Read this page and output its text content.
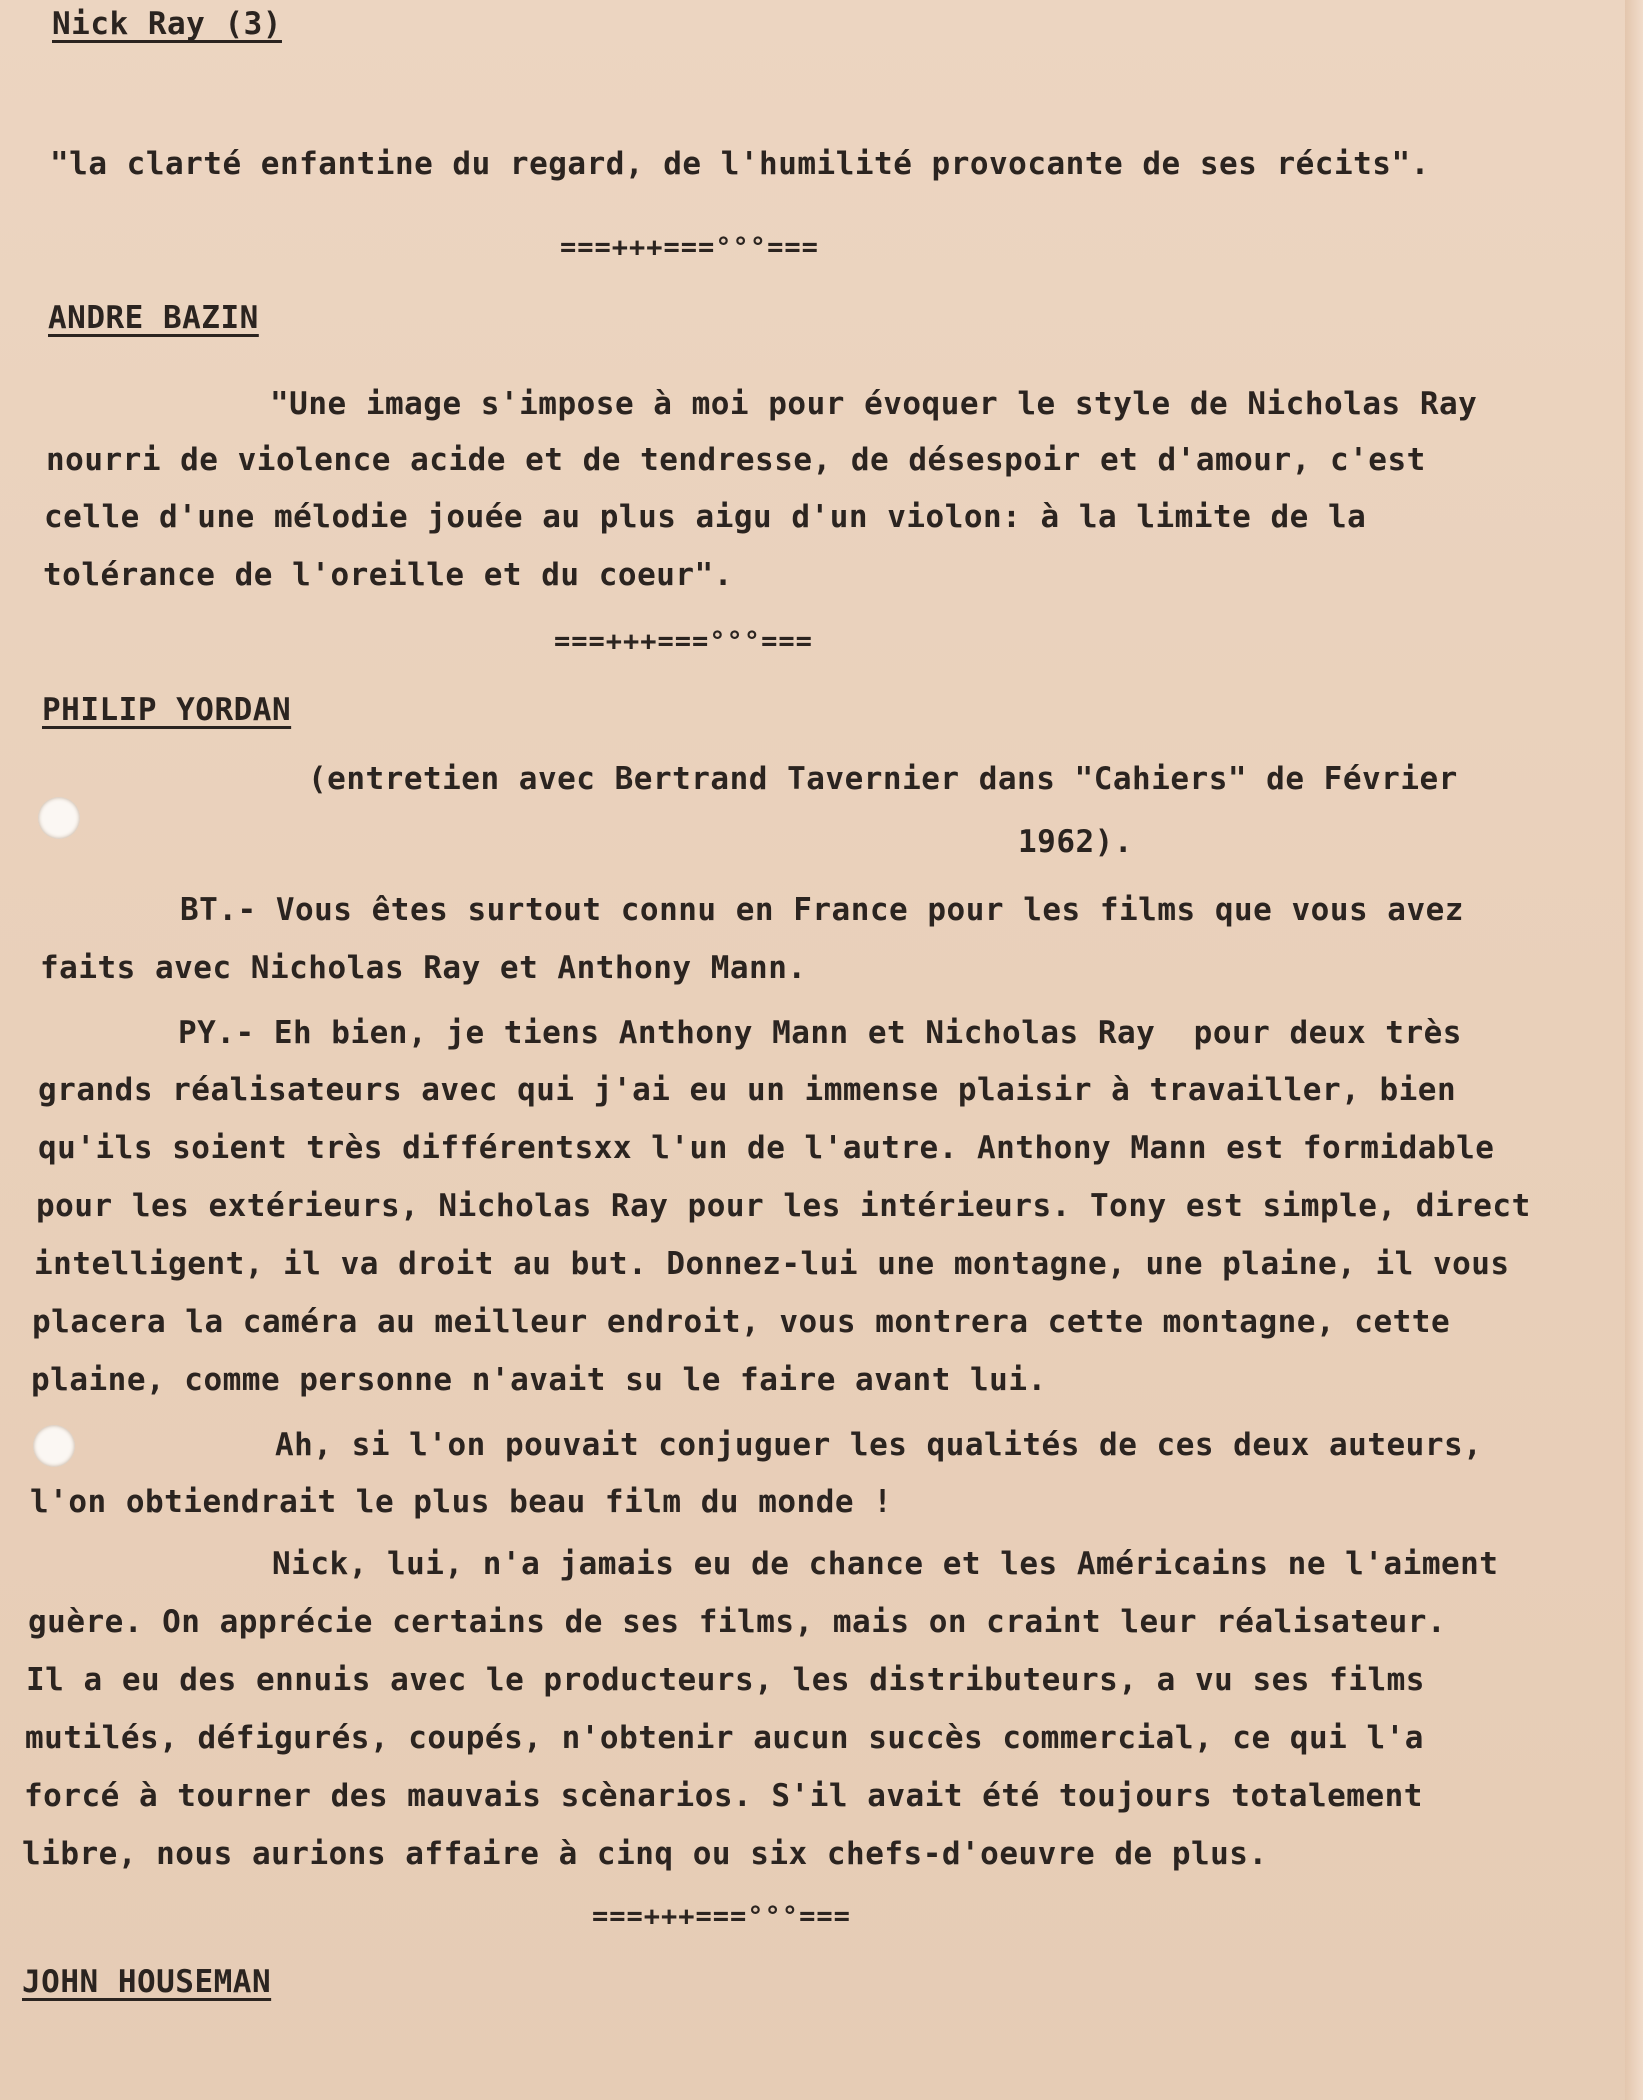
Nick Ray (3)
"la clarté enfantine du regard, de l'humilité provocante de ses récits".
===+++===°°°===
ANDRE BAZIN
"Une image s'impose à moi pour évoquer le style de Nicholas Ray
nourri de violence acide et de tendresse, de désespoir et d'amour, c'est
celle d'une mélodie jouée au plus aigu d'un violon: à la limite de la
tolérance de l'oreille et du coeur".
===+++===°°°===
PHILIP YORDAN
(entretien avec Bertrand Tavernier dans "Cahiers" de Février
1962).
BT.- Vous êtes surtout connu en France pour les films que vous avez
faits avec Nicholas Ray et Anthony Mann.
PY.- Eh bien, je tiens Anthony Mann et Nicholas Ray  pour deux très
grands réalisateurs avec qui j'ai eu un immense plaisir à travailler, bien
qu'ils soient très différentsxx l'un de l'autre. Anthony Mann est formidable
pour les extérieurs, Nicholas Ray pour les intérieurs. Tony est simple, direct
intelligent, il va droit au but. Donnez-lui une montagne, une plaine, il vous
placera la caméra au meilleur endroit, vous montrera cette montagne, cette
plaine, comme personne n'avait su le faire avant lui.
Ah, si l'on pouvait conjuguer les qualités de ces deux auteurs,
l'on obtiendrait le plus beau film du monde !
Nick, lui, n'a jamais eu de chance et les Américains ne l'aiment
guère. On apprécie certains de ses films, mais on craint leur réalisateur.
Il a eu des ennuis avec le producteurs, les distributeurs, a vu ses films
mutilés, défigurés, coupés, n'obtenir aucun succès commercial, ce qui l'a
forcé à tourner des mauvais scènarios. S'il avait été toujours totalement
libre, nous aurions affaire à cinq ou six chefs-d'oeuvre de plus.
===+++===°°°===
JOHN HOUSEMAN
